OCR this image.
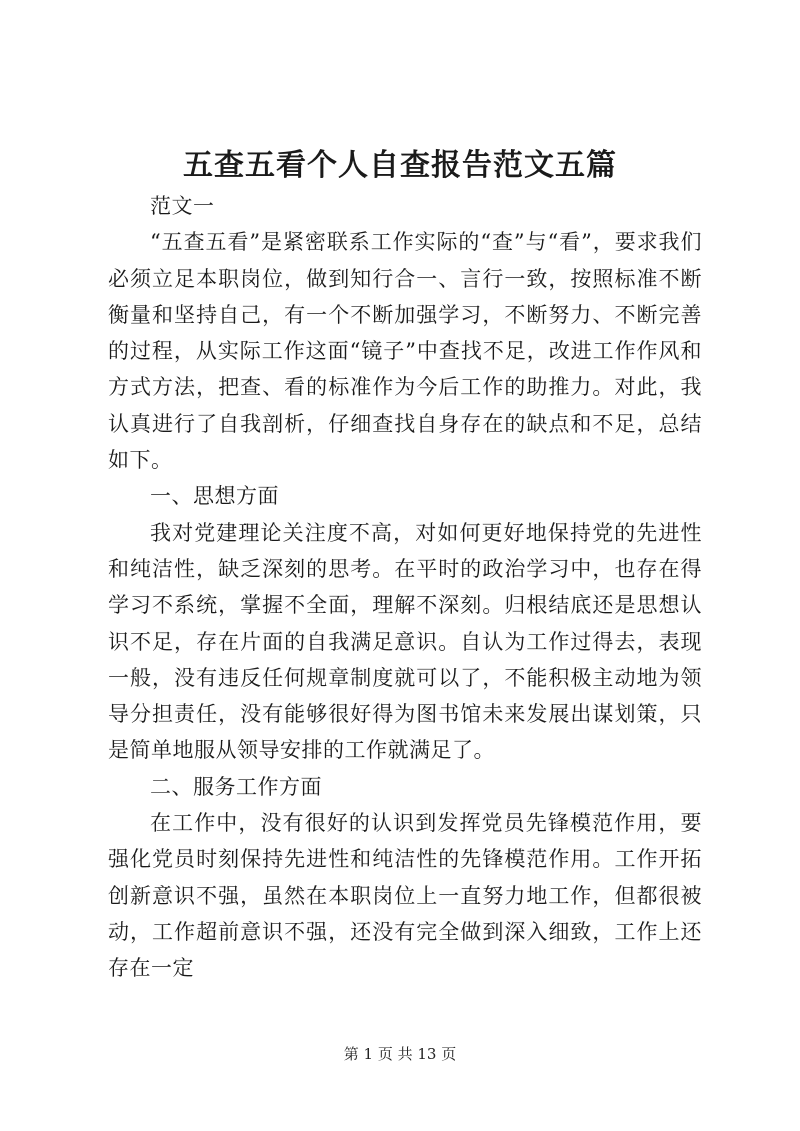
五查五看个人自查报告范文五篇

范文一

“五查五看”是紧密联系工作实际的“查”与“看”，要求我们必须立足本职岗位，做到知行合一、言行一致，按照标准不断衡量和坚持自己，有一个不断加强学习，不断努力、不断完善的过程，从实际工作这面“镜子”中查找不足，改进工作作风和方式方法，把查、看的标准作为今后工作的助推力。对此，我认真进行了自我剖析，仔细查找自身存在的缺点和不足，总结如下。

一、思想方面

我对党建理论关注度不高，对如何更好地保持党的先进性和纯洁性，缺乏深刻的思考。在平时的政治学习中，也存在得学习不系统，掌握不全面，理解不深刻。归根结底还是思想认识不足，存在片面的自我满足意识。自认为工作过得去，表现一般，没有违反任何规章制度就可以了，不能积极主动地为领导分担责任，没有能够很好得为图书馆未来发展出谋划策，只是简单地服从领导安排的工作就满足了。

二、服务工作方面

在工作中，没有很好的认识到发挥党员先锋模范作用，要强化党员时刻保持先进性和纯洁性的先锋模范作用。工作开拓创新意识不强，虽然在本职岗位上一直努力地工作，但都很被动，工作超前意识不强，还没有完全做到深入细致，工作上还存在一定

第 1 页 共 13 页
